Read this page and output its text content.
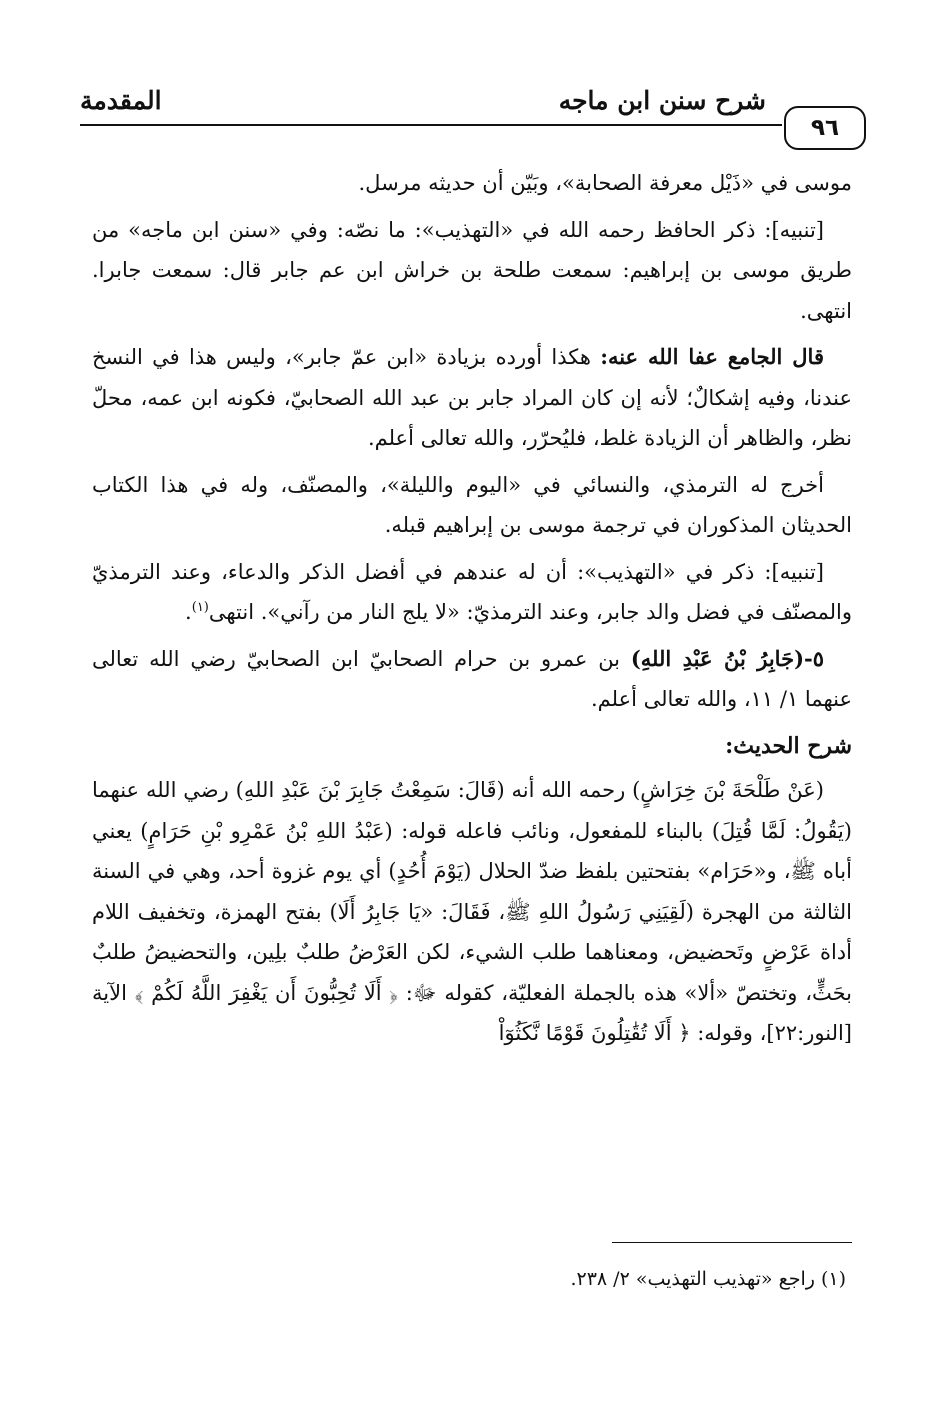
٩٦
شرح سنن ابن ماجه
المقدمة

موسى في «ذَيْل معرفة الصحابة»، وبَيّن أن حديثه مرسل.

[تنبيه]: ذكر الحافظ رحمه الله في «التهذيب»: ما نصّه: وفي «سنن ابن ماجه» من طريق موسى بن إبراهيم: سمعت طلحة بن خراش ابن عم جابر قال: سمعت جابرا. انتهى.

قال الجامع عفا الله عنه: هكذا أورده بزيادة «ابن عمّ جابر»، وليس هذا في النسخ عندنا، وفيه إشكالٌ؛ لأنه إن كان المراد جابر بن عبد الله الصحابيّ، فكونه ابن عمه، محلّ نظر، والظاهر أن الزيادة غلط، فليُحرّر، والله تعالى أعلم.

أخرج له الترمذي، والنسائي في «اليوم والليلة»، والمصنّف، وله في هذا الكتاب الحديثان المذكوران في ترجمة موسى بن إبراهيم قبله.

[تنبيه]: ذكر في «التهذيب»: أن له عندهم في أفضل الذكر والدعاء، وعند الترمذيّ والمصنّف في فضل والد جابر، وعند الترمذيّ: «لا يلج النار من رآني». انتهى$^{(١)}$.

٥-(جَابِرُ بْنُ عَبْدِ اللهِ) بن عمرو بن حرام الصحابيّ ابن الصحابيّ رضي الله تعالى عنهما ١/ ١١، والله تعالى أعلم.

شرح الحديث:

(عَنْ طَلْحَةَ بْنَ خِرَاشٍ) رحمه الله أنه (قَالَ: سَمِعْتُ جَابِرَ بْنَ عَبْدِ اللهِ) رضي الله عنهما (يَقُولُ: لَمَّا قُتِلَ) بالبناء للمفعول، ونائب فاعله قوله: (عَبْدُ اللهِ بْنُ عَمْرِو بْنِ حَرَامٍ) يعني أباه ﷺ، و«حَرَام» بفتحتين بلفظ ضدّ الحلال (يَوْمَ أُحُدٍ) أي يوم غزوة أحد، وهي في السنة الثالثة من الهجرة (لَقِيَنِي رَسُولُ اللهِ ﷺ، فَقَالَ: «يَا جَابِرُ أَلَا) بفتح الهمزة، وتخفيف اللام أداة عَرْضٍ وتَحضيض، ومعناهما طلب الشيء، لكن العَرْضُ طلبٌ بلِين، والتحضيضُ طلبٌ بحَثٍّ، وتختصّ «ألا» هذه بالجملة الفعليّة، كقوله ﷻ: ﴿ أَلَا تُحِبُّونَ أَن يَغْفِرَ اللَّهُ لَكُمْ ﴾ الآية [النور:٢٢]، وقوله: ﴿ أَلَا تُقَٰتِلُونَ قَوْمًا نَّكَثُوٓاْ

(١) راجع «تهذيب التهذيب» ٢/ ٢٣٨.
